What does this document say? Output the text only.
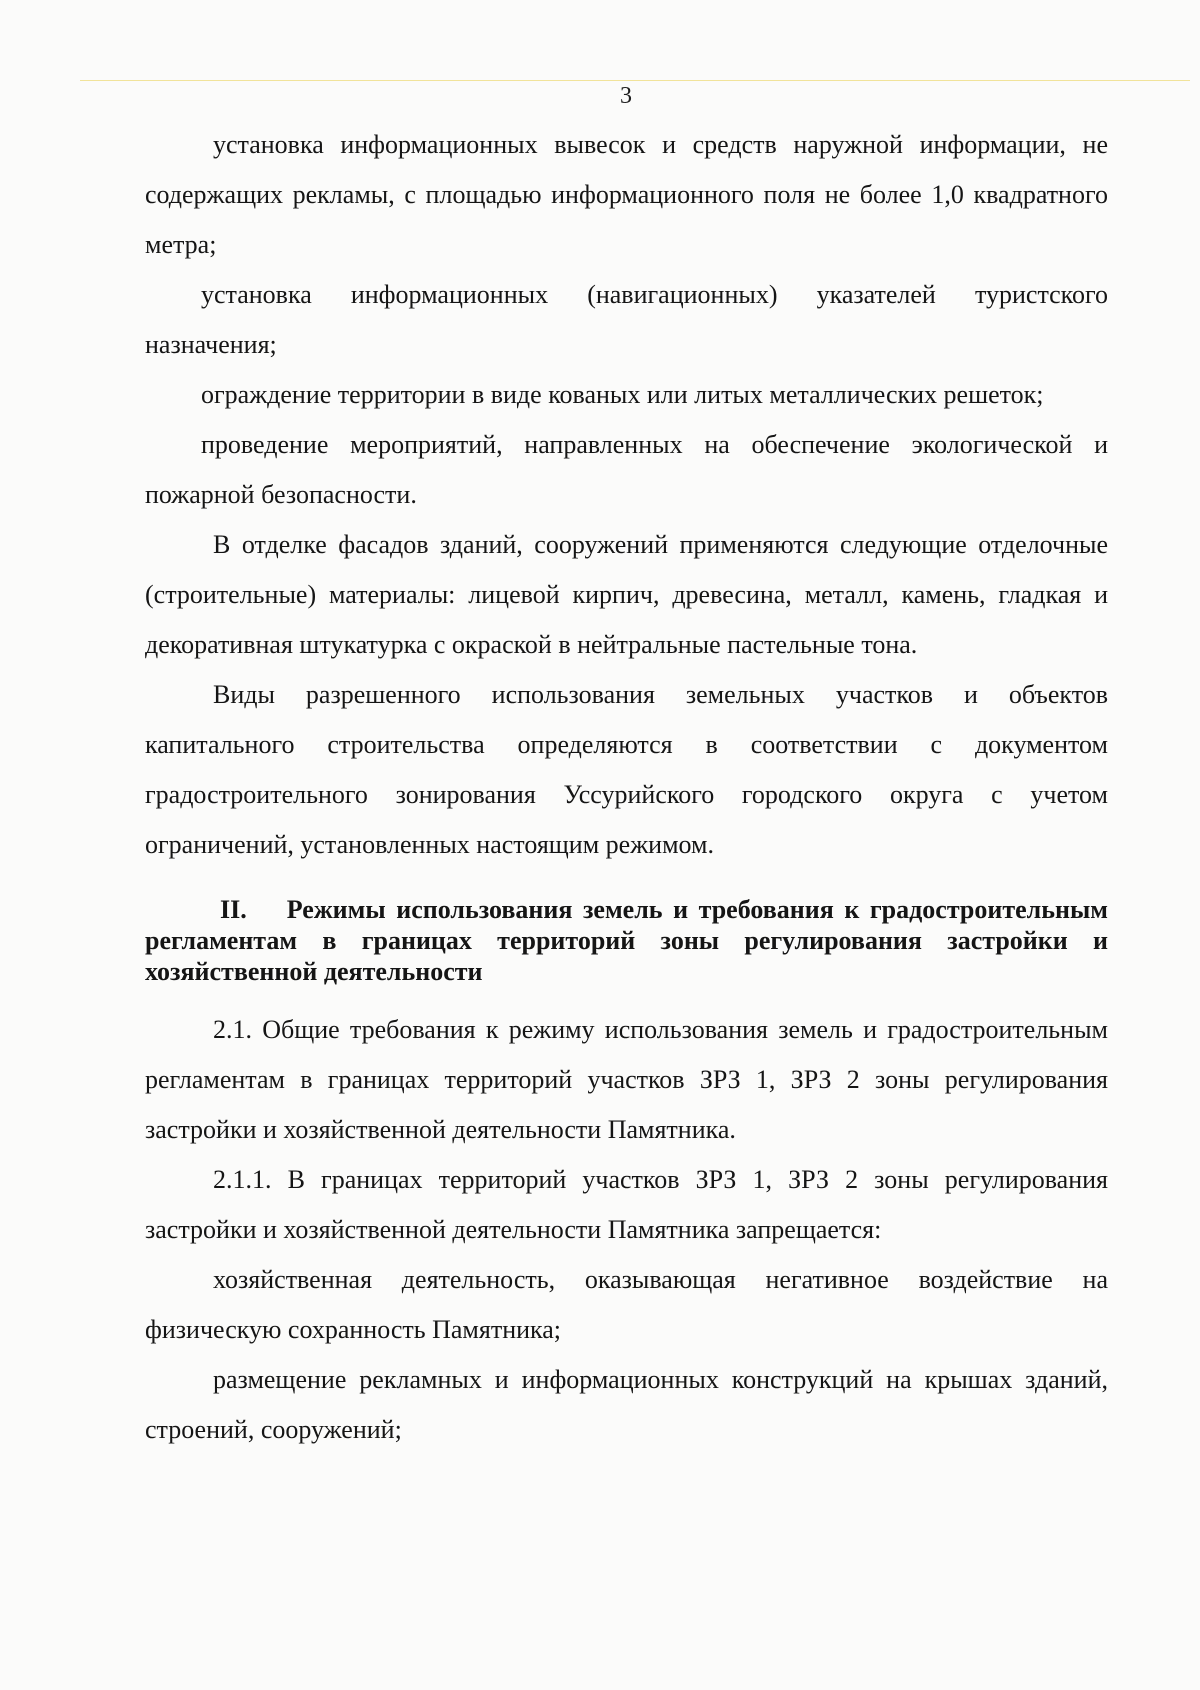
3

установка информационных вывесок и средств наружной информации, не содержащих рекламы, с площадью информационного поля не более 1,0 квадратного метра;

установка информационных (навигационных) указателей туристского назначения;

ограждение территории в виде кованых или литых металлических решеток;

проведение мероприятий, направленных на обеспечение экологической и пожарной безопасности.

В отделке фасадов зданий, сооружений применяются следующие отделочные (строительные) материалы: лицевой кирпич, древесина, металл, камень, гладкая и декоративная штукатурка с окраской в нейтральные пастельные тона.

Виды разрешенного использования земельных участков и объектов капитального строительства определяются в соответствии с документом градостроительного зонирования Уссурийского городского округа с учетом ограничений, установленных настоящим режимом.

II. Режимы использования земель и требования к градостроительным регламентам в границах территорий зоны регулирования застройки и хозяйственной деятельности

2.1. Общие требования к режиму использования земель и градостроительным регламентам в границах территорий участков ЗРЗ 1, ЗРЗ 2 зоны регулирования застройки и хозяйственной деятельности Памятника.

2.1.1. В границах территорий участков ЗРЗ 1, ЗРЗ 2 зоны регулирования застройки и хозяйственной деятельности Памятника запрещается:

хозяйственная деятельность, оказывающая негативное воздействие на физическую сохранность Памятника;

размещение рекламных и информационных конструкций на крышах зданий, строений, сооружений;
